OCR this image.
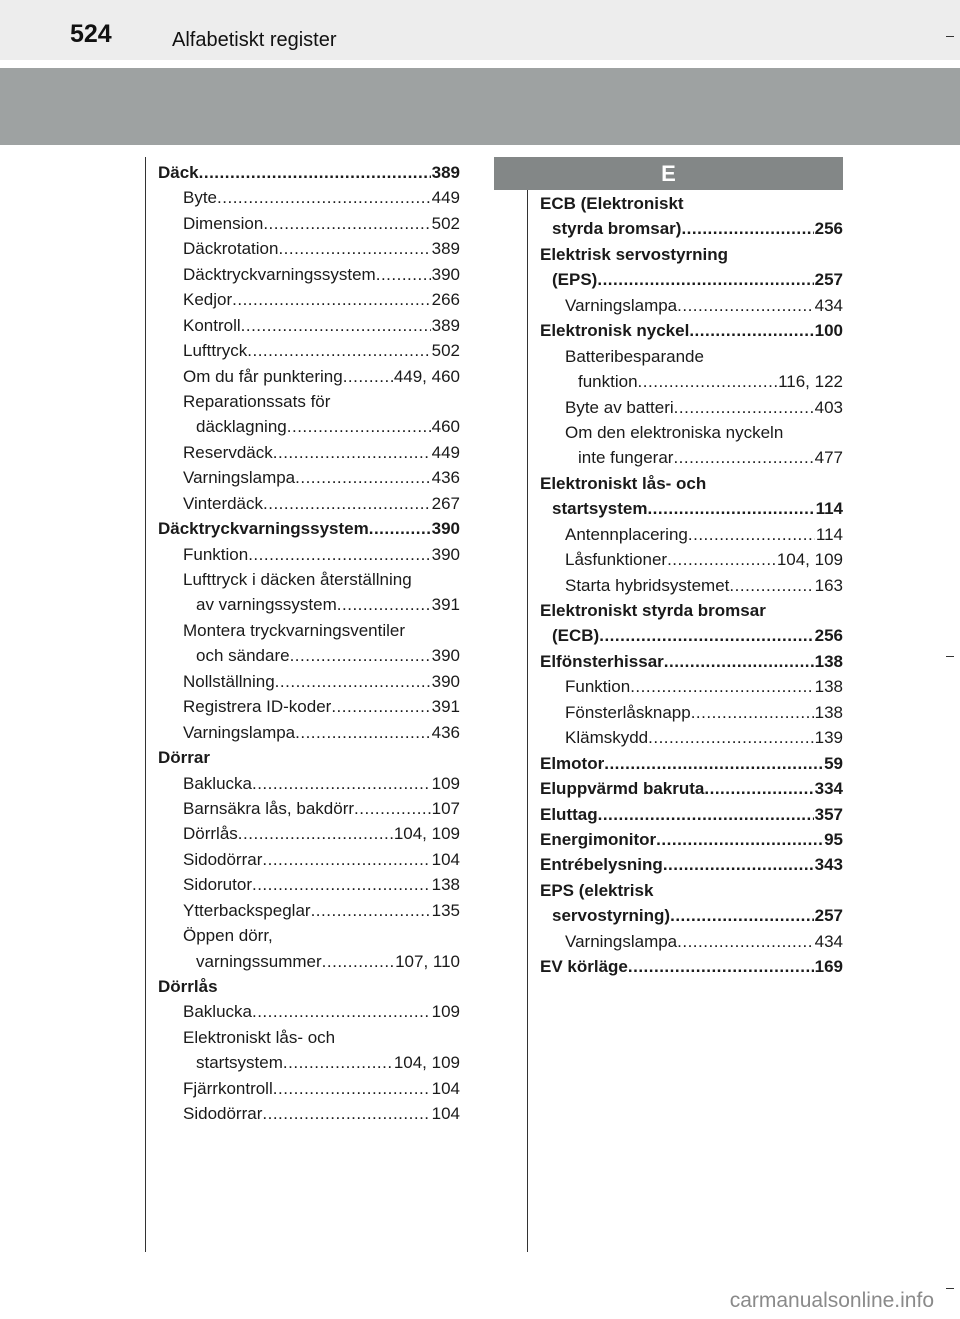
524	Alfabetiskt register
E
Däck .....	389
Byte .....	449
Dimension .....	502
Däckrotation .....	389
Däcktryckvarningssystem .....	390
Kedjor .....	266
Kontroll .....	389
Lufttryck .....	502
Om du får punktering .....	449, 460
Reparationssats för
däcklagning .....	460
Reservdäck .....	449
Varningslampa .....	436
Vinterdäck .....	267
Däcktryckvarningssystem .....	390
Funktion .....	390
Lufttryck i däcken återställning
av varningssystem .....	391
Montera tryckvarningsventiler
och sändare .....	390
Nollställning .....	390
Registrera ID-koder .....	391
Varningslampa .....	436
Dörrar
Baklucka .....	109
Barnsäkra lås, bakdörr .....	107
Dörrlås .....	104, 109
Sidodörrar .....	104
Sidorutor .....	138
Ytterbackspeglar .....	135
Öppen dörr,
varningssummer .....	107, 110
Dörrlås
Baklucka .....	109
Elektroniskt lås- och
startsystem .....	104, 109
Fjärrkontroll .....	104
Sidodörrar .....	104
ECB (Elektroniskt
styrda bromsar) .....	256
Elektrisk servostyrning
(EPS) .....	257
Varningslampa .....	434
Elektronisk nyckel .....	100
Batteribesparande
funktion .....	116, 122
Byte av batteri .....	403
Om den elektroniska nyckeln
inte fungerar .....	477
Elektroniskt lås- och
startsystem .....	114
Antennplacering .....	114
Låsfunktioner .....	104, 109
Starta hybridsystemet .....	163
Elektroniskt styrda bromsar
(ECB) .....	256
Elfönsterhissar .....	138
Funktion .....	138
Fönsterlåsknapp .....	138
Klämskydd .....	139
Elmotor .....	59
Eluppvärmd bakruta .....	334
Eluttag .....	357
Energimonitor .....	95
Entrébelysning .....	343
EPS (elektrisk
servostyrning) .....	257
Varningslampa .....	434
EV körläge .....	169
carmanualsonline.info
